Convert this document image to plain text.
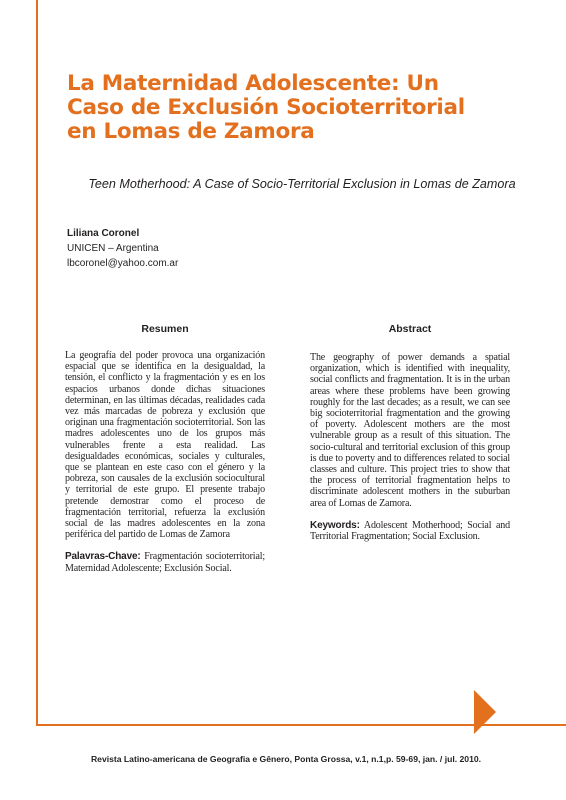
La Maternidad Adolescente: Un
Caso de Exclusión Socioterritorial
en Lomas de Zamora

Teen Motherhood: A Case of Socio-Territorial Exclusion in Lomas de Zamora

Liliana Coronel
UNICEN – Argentina
lbcoronel@yahoo.com.ar
Resumen

La geografía del poder provoca una organización espacial que se identifica en la desigualdad, la tensión, el conflicto y la fragmentación y es en los espacios urbanos donde dichas situaciones determinan, en las últimas décadas, realidades cada vez más marcadas de pobreza y exclusión que originan una fragmentación socioterritorial. Son las madres adolescentes uno de los grupos más vulnerables frente a esta realidad. Las desigualdades económicas, sociales y culturales, que se plantean en este caso con el género y la pobreza, son causales de la exclusión sociocultural y territorial de este grupo. El presente trabajo pretende demostrar como el proceso de fragmentación territorial, refuerza la exclusión social de las madres adolescentes en la zona periférica del partido de Lomas de Zamora

Palavras-Chave: Fragmentación socioterritorial; Maternidad Adolescente; Exclusión Social.

Abstract

The geography of power demands a spatial organization, which is identified with inequality, social conflicts and fragmentation. It is in the urban areas where these problems have been growing roughly for the last decades; as a result, we can see big socioterritorial fragmentation and the growing of poverty. Adolescent mothers are the most vulnerable group as a result of this situation. The socio-cultural and territorial exclusion of this group is due to poverty and to differences related to social classes and culture. This project tries to show that the process of territorial fragmentation helps to discriminate adolescent mothers in the suburban area of Lomas de Zamora.

Keywords: Adolescent Motherhood; Social and Territorial Fragmentation; Social Exclusion.

Revista Latino-americana de Geografia e Gênero, Ponta Grossa, v.1, n.1,p. 59-69, jan. / jul. 2010.
